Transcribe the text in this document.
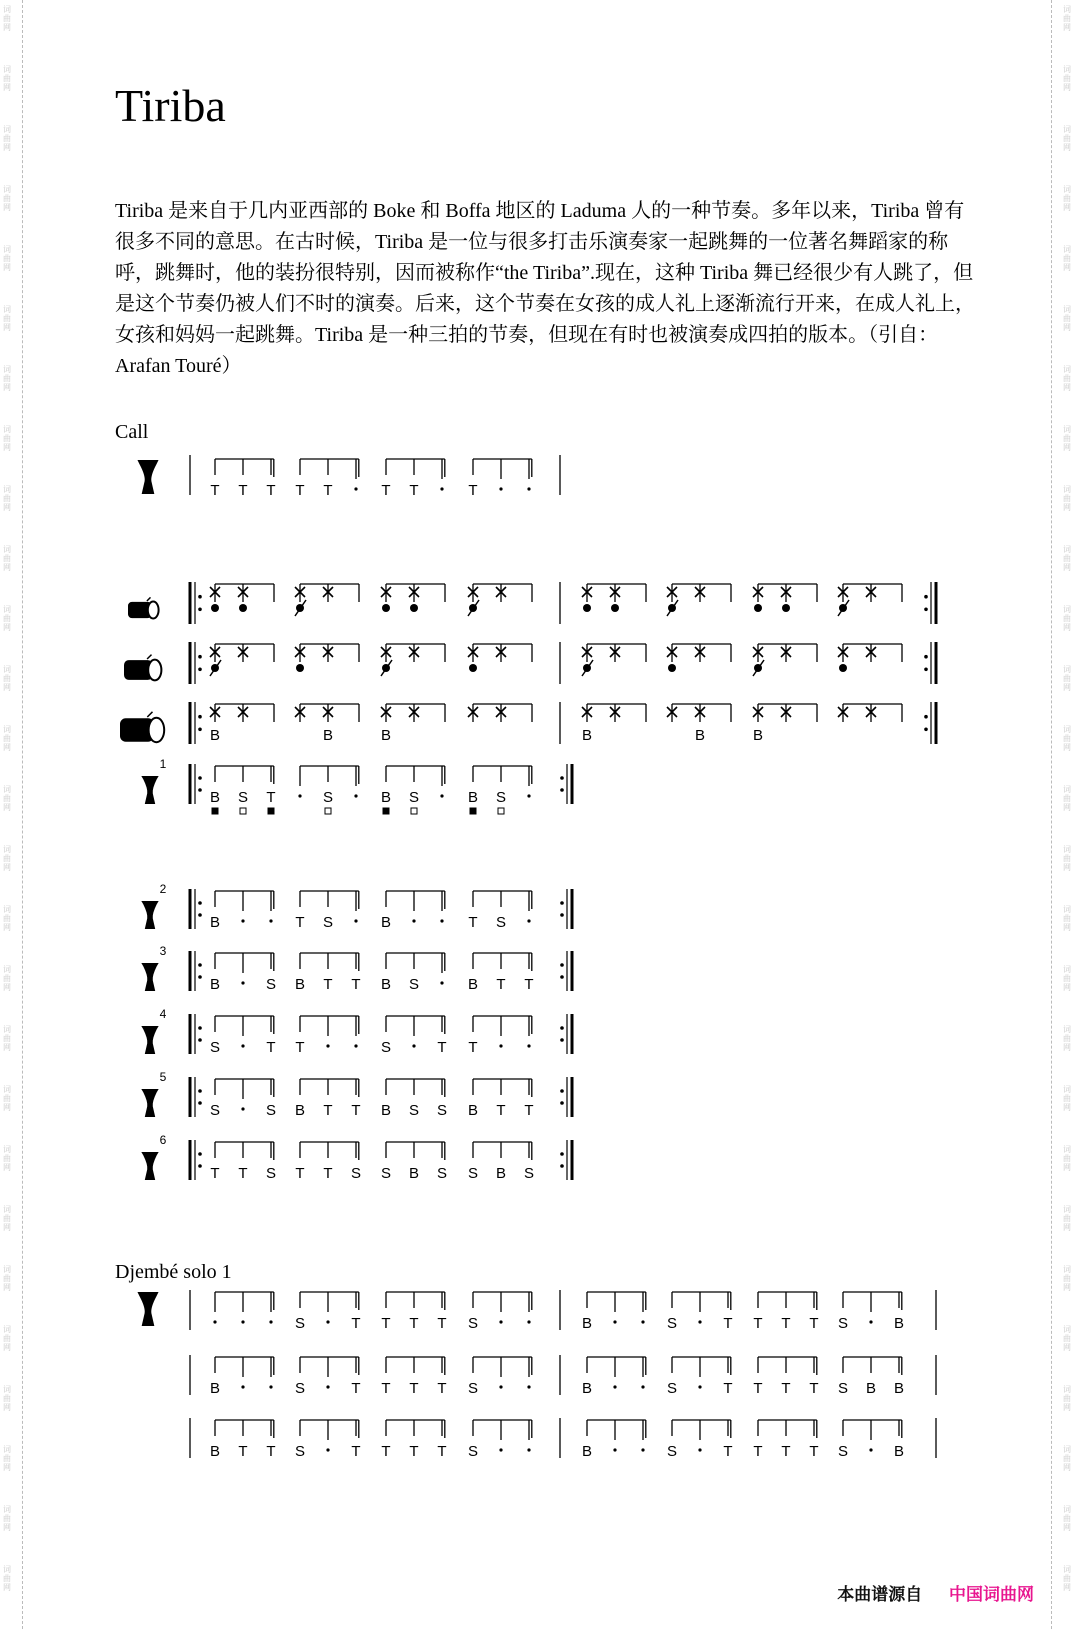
Tiriba

Tiriba 是来自于几内亚西部的 Boke 和 Boffa 地区的 Laduma 人的一种节奏。多年以来，Tiriba 曾有很多不同的意思。在古时候，Tiriba 是一位与很多打击乐演奏家一起跳舞的一位著名舞蹈家的称呼，跳舞时，他的装扮很特别，因而被称作“the Tiriba”.现在，这种 Tiriba 舞已经很少有人跳了，但是这个节奏仍被人们不时的演奏。后来，这个节奏在女孩的成人礼上逐渐流行开来，在成人礼上，女孩和妈妈一起跳舞。Tiriba 是一种三拍的节奏，但现在有时也被演奏成四拍的版本。（引自：Arafan Touré）

Call
Djembé solo 1
T T T T T	T T	T
B	B	B	B	B	B
1
B S T	S	B S	B S
2
B	T S	B	T S
3
B	S B T T B S	B T T
4
S	T T	S	T T
5
S	S B T T B S S B T T
6
T T S T T S S B S S B S
S	T T T T S	B	S	T T T T S	B
B	S	T T T T S	B	S	T T T T S B B
B T T S	T T T T S	B	S	T T T T S	B
本曲谱源自 中国词曲网
词
曲
网
词
曲
网
词
曲
网
词
曲
网
词
曲
网
词
曲
网
词
曲
网
词
曲
网
词
曲
网
词
曲
网
词
曲
网
词
曲
网
词
曲
网
词
曲
网
词
曲
网
词
曲
网
词
曲
网
词
曲
网
词
曲
网
词
曲
网
词
曲
网
词
曲
网
词
曲
网
词
曲
网
词
曲
网
词
曲
网
词
曲
网
词
曲
网
词
曲
网
词
曲
网
词
曲
网
词
曲
网
词
曲
网
词
曲
网
词
曲
网
词
曲
网
词
曲
网
词
曲
网
词
曲
网
词
曲
网
词
曲
网
词
曲
网
词
曲
网
词
曲
网
词
曲
网
词
曲
网
词
曲
网
词
曲
网
词
曲
网
词
曲
网
词
曲
网
词
曲
网
词
曲
网
词
曲
网
